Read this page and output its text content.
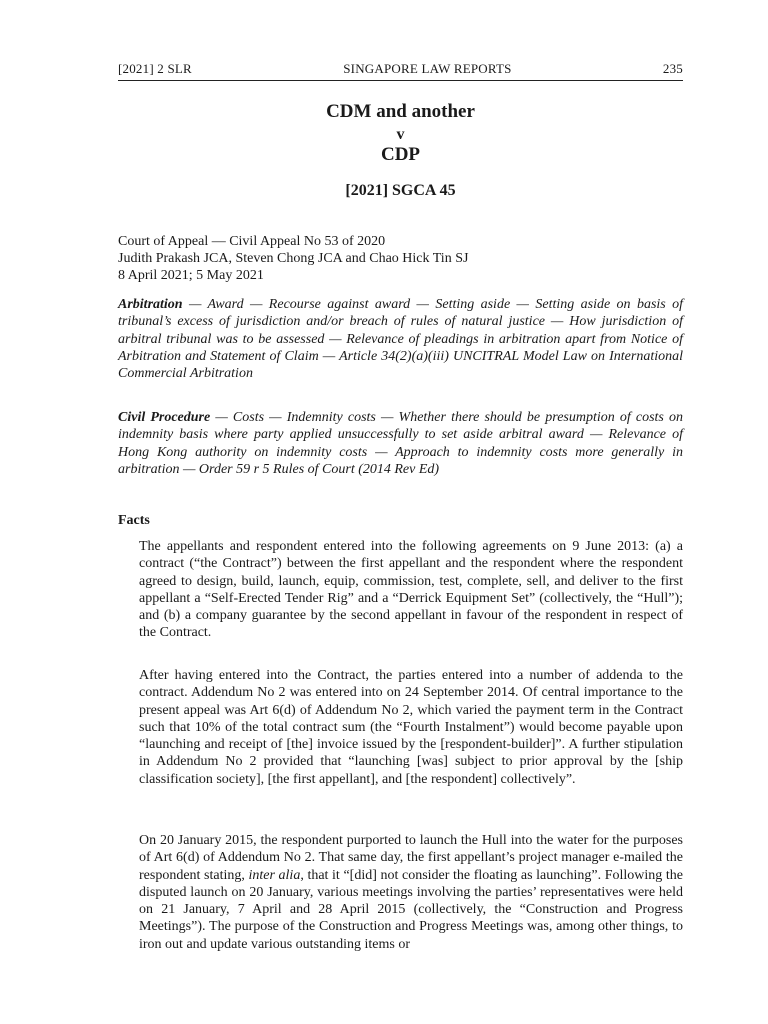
[2021] 2 SLR	SINGAPORE LAW REPORTS	235
CDM and another
v
CDP
[2021] SGCA 45
Court of Appeal — Civil Appeal No 53 of 2020
Judith Prakash JCA, Steven Chong JCA and Chao Hick Tin SJ
8 April 2021; 5 May 2021
Arbitration — Award — Recourse against award — Setting aside — Setting aside on basis of tribunal’s excess of jurisdiction and/or breach of rules of natural justice — How jurisdiction of arbitral tribunal was to be assessed — Relevance of pleadings in arbitration apart from Notice of Arbitration and Statement of Claim — Article 34(2)(a)(iii) UNCITRAL Model Law on International Commercial Arbitration
Civil Procedure — Costs — Indemnity costs — Whether there should be presumption of costs on indemnity basis where party applied unsuccessfully to set aside arbitral award — Relevance of Hong Kong authority on indemnity costs — Approach to indemnity costs more generally in arbitration — Order 59 r 5 Rules of Court (2014 Rev Ed)
Facts
The appellants and respondent entered into the following agreements on 9 June 2013: (a) a contract (“the Contract”) between the first appellant and the respondent where the respondent agreed to design, build, launch, equip, commission, test, complete, sell, and deliver to the first appellant a “Self-Erected Tender Rig” and a “Derrick Equipment Set” (collectively, the “Hull”); and (b) a company guarantee by the second appellant in favour of the respondent in respect of the Contract.
After having entered into the Contract, the parties entered into a number of addenda to the contract. Addendum No 2 was entered into on 24 September 2014. Of central importance to the present appeal was Art 6(d) of Addendum No 2, which varied the payment term in the Contract such that 10% of the total contract sum (the “Fourth Instalment”) would become payable upon “launching and receipt of [the] invoice issued by the [respondent-builder]”. A further stipulation in Addendum No 2 provided that “launching [was] subject to prior approval by the [ship classification society], [the first appellant], and [the respondent] collectively”.
On 20 January 2015, the respondent purported to launch the Hull into the water for the purposes of Art 6(d) of Addendum No 2. That same day, the first appellant’s project manager e-mailed the respondent stating, inter alia, that it “[did] not consider the floating as launching”. Following the disputed launch on 20 January, various meetings involving the parties’ representatives were held on 21 January, 7 April and 28 April 2015 (collectively, the “Construction and Progress Meetings”). The purpose of the Construction and Progress Meetings was, among other things, to iron out and update various outstanding items or
